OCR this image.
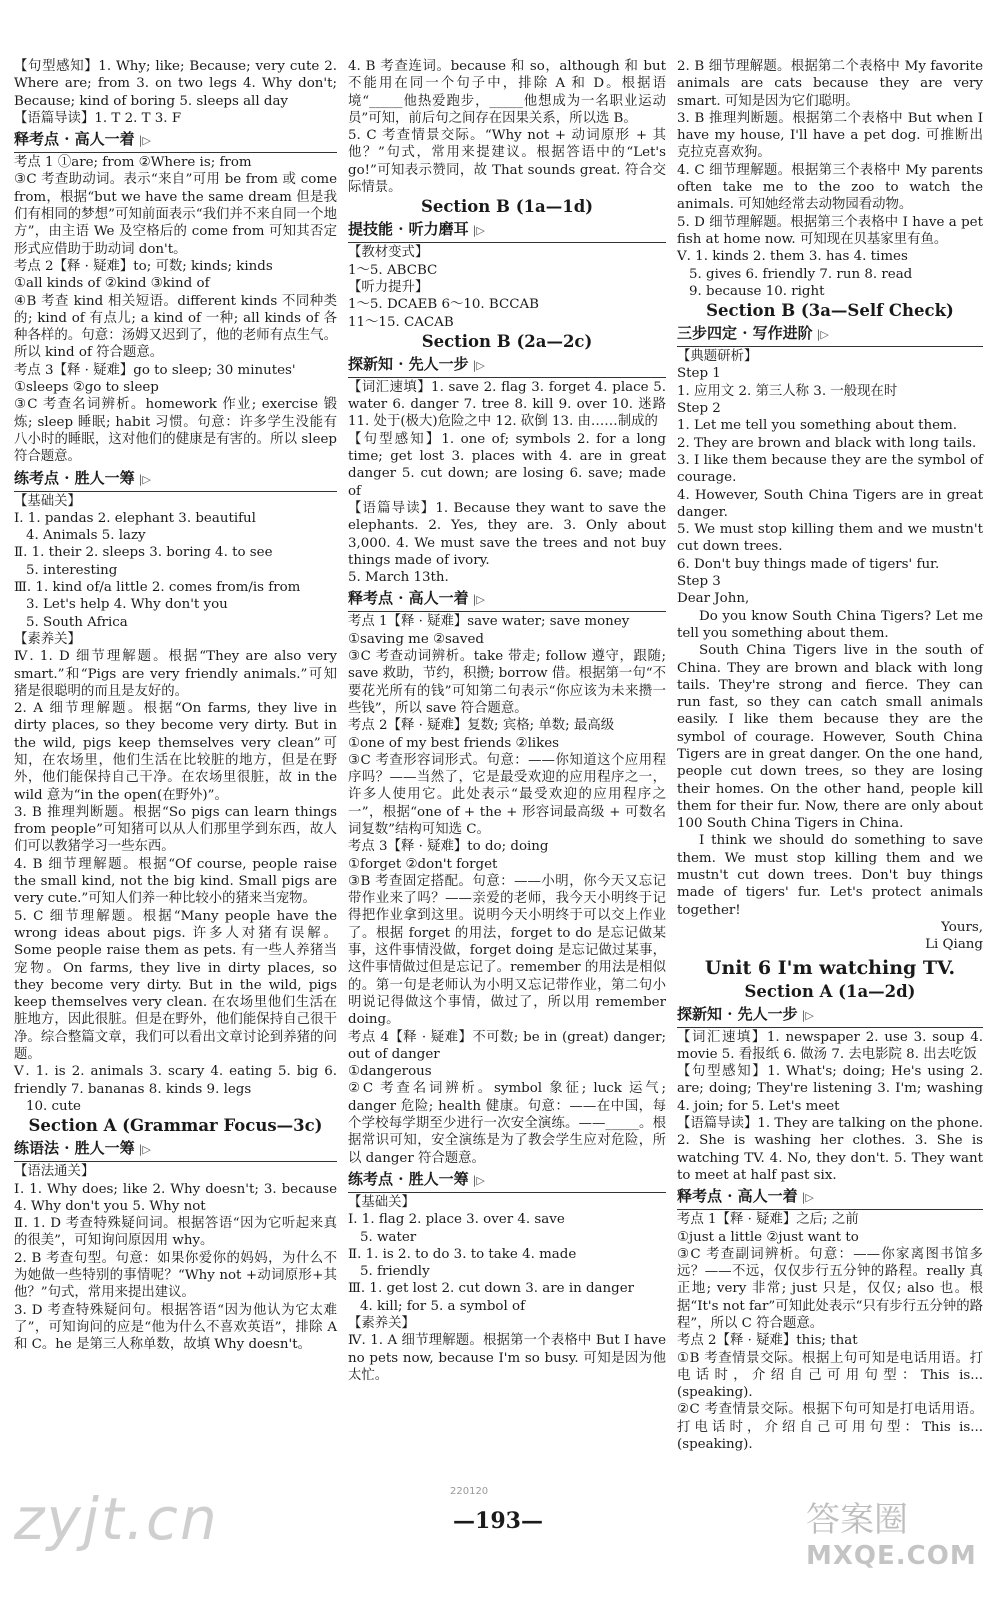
【句型感知】1. Why; like; Because; very cute 2. Where are; from 3. on two legs 4. Why don't; Because; kind of boring 5. sleeps all day

【语篇导读】1. T 2. T 3. F

释考点 · 高人一着 |▷

考点 1 ①are; from ②Where is; from

③C 考查助动词。表示“来自”可用 be from 或 come from，根据“but we have the same dream 但是我们有相同的梦想”可知前面表示“我们并不来自同一个地方”，由主语 We 及空格后的 come from 可知其否定形式应借助于助动词 don't。

考点 2【释 · 疑难】to; 可数; kinds; kinds

①all kinds of ②kind ③kind of

④B 考查 kind 相关短语。different kinds 不同种类的; kind of 有点儿; a kind of 一种; all kinds of 各种各样的。句意：汤姆又迟到了，他的老师有点生气。所以 kind of 符合题意。

考点 3【释 · 疑难】go to sleep; 30 minutes'

①sleeps ②go to sleep

③C 考查名词辨析。homework 作业; exercise 锻炼; sleep 睡眠; habit 习惯。句意：许多学生没能有八小时的睡眠，这对他们的健康是有害的。所以 sleep 符合题意。

练考点 · 胜人一筹 |▷

【基础关】

Ⅰ. 1. pandas 2. elephant 3. beautiful

4. Animals 5. lazy

Ⅱ. 1. their 2. sleeps 3. boring 4. to see

5. interesting

Ⅲ. 1. kind of/a little 2. comes from/is from

3. Let's help 4. Why don't you

5. South Africa

【素养关】

Ⅳ. 1. D 细节理解题。根据“They are also very smart.”和“Pigs are very friendly animals.”可知猪是很聪明的而且是友好的。

2. A 细节理解题。根据“On farms, they live in dirty places, so they become very dirty. But in the wild, pigs keep themselves very clean”可知，在农场里，他们生活在比较脏的地方，但是在野外，他们能保持自己干净。在农场里很脏，故 in the wild 意为“in the open(在野外)”。

3. B 推理判断题。根据“So pigs can learn things from people”可知猪可以从人们那里学到东西，故人们可以教猪学习一些东西。

4. B 细节理解题。根据“Of course, people raise the small kind, not the big kind. Small pigs are very cute.”可知人们养一种比较小的猪来当宠物。

5. C 细节理解题。根据“Many people have the wrong ideas about pigs. 许多人对猪有误解。Some people raise them as pets. 有一些人养猪当宠物。On farms, they live in dirty places, so they become very dirty. But in the wild, pigs keep themselves very clean. 在农场里他们生活在脏地方，因此很脏。但是在野外，他们能保持自己很干净。综合整篇文章，我们可以看出文章讨论到养猪的问题。

Ⅴ. 1. is 2. animals 3. scary 4. eating 5. big 6. friendly 7. bananas 8. kinds 9. legs

10. cute

Section A (Grammar Focus—3c)
练语法 · 胜人一筹 |▷

【语法通关】

Ⅰ. 1. Why does; like 2. Why doesn't; 3. because 4. Why don't you 5. Why not

Ⅱ. 1. D 考查特殊疑问词。根据答语“因为它听起来真的很美”，可知询问原因用 why。

2. B 考查句型。句意：如果你爱你的妈妈，为什么不为她做一些特别的事情呢？“Why not +动词原形+其他？”句式，常用来提出建议。

3. D 考查特殊疑问句。根据答语“因为他认为它太难了”，可知询问的应是“他为什么不喜欢英语”，排除 A 和 C。he 是第三人称单数，故填 Why doesn't。

4. B 考查连词。because 和 so，although 和 but 不能用在同一个句子中，排除 A 和 D。根据语境“_____他热爱跑步，_____他想成为一名职业运动员”可知，前后句之间存在因果关系，所以选 B。

5. C 考查情景交际。“Why not + 动词原形 + 其他？”句式，常用来提建议。根据答语中的“Let's go!”可知表示赞同，故 That sounds great. 符合交际情景。

Section B (1a—1d)
提技能 · 听力磨耳 |▷

【教材变式】

1～5. ABCBC

【听力提升】

1～5. DCAEB 6～10. BCCAB

11～15. CACAB

Section B (2a—2c)
探新知 · 先人一步 |▷

【词汇速填】1. save 2. flag 3. forget 4. place 5. water 6. danger 7. tree 8. kill 9. over 10. 迷路 11. 处于(极大)危险之中 12. 砍倒 13. 由……制成的

【句型感知】1. one of; symbols 2. for a long time; get lost 3. places with 4. are in great danger 5. cut down; are losing 6. save; made of

【语篇导读】1. Because they want to save the elephants. 2. Yes, they are. 3. Only about 3,000. 4. We must save the trees and not buy things made of ivory.

5. March 13th.

释考点 · 高人一着 |▷

考点 1【释 · 疑难】save water; save money

①saving me ②saved

③C 考查动词辨析。take 带走; follow 遵守，跟随; save 救助，节约，积攒; borrow 借。根据第一句“不要花光所有的钱”可知第二句表示“你应该为未来攒一些钱”，所以 save 符合题意。

考点 2【释 · 疑难】复数; 宾格; 单数; 最高级

①one of my best friends ②likes

③C 考查形容词形式。句意：——你知道这个应用程序吗？——当然了，它是最受欢迎的应用程序之一，许多人使用它。此处表示“最受欢迎的应用程序之一”，根据“one of + the + 形容词最高级 + 可数名词复数”结构可知选 C。

考点 3【释 · 疑难】to do; doing

①forget ②don't forget

③B 考查固定搭配。句意：——小明，你今天又忘记带作业来了吗？——亲爱的老师，我今天小明终于记得把作业拿到这里。说明今天小明终于可以交上作业了。根据 forget 的用法，forget to do 是忘记做某事，这件事情没做，forget doing 是忘记做过某事，这件事情做过但是忘记了。remember 的用法是相似的。第一句是老师认为小明又忘记带作业，第二句小明说记得做这个事情，做过了，所以用 remember doing。

考点 4【释 · 疑难】不可数; be in (great) danger; out of danger

①dangerous

②C 考查名词辨析。symbol 象征; luck 运气; danger 危险; health 健康。句意：——在中国，每个学校每学期至少进行一次安全演练。——_____。根据常识可知，安全演练是为了教会学生应对危险，所以 danger 符合题意。

练考点 · 胜人一筹 |▷

【基础关】

Ⅰ. 1. flag 2. place 3. over 4. save

5. water

Ⅱ. 1. is 2. to do 3. to take 4. made

5. friendly

Ⅲ. 1. get lost 2. cut down 3. are in danger

4. kill; for 5. a symbol of

【素养关】

Ⅳ. 1. A 细节理解题。根据第一个表格中 But I have no pets now, because I'm so busy. 可知是因为他太忙。

2. B 细节理解题。根据第二个表格中 My favorite animals are cats because they are very smart. 可知是因为它们聪明。

3. B 推理判断题。根据第二个表格中 But when I have my house, I'll have a pet dog. 可推断出克拉克喜欢狗。

4. C 细节理解题。根据第三个表格中 My parents often take me to the zoo to watch the animals. 可知她经常去动物园看动物。

5. D 细节理解题。根据第三个表格中 I have a pet fish at home now. 可知现在贝基家里有鱼。

Ⅴ. 1. kinds 2. them 3. has 4. times

5. gives 6. friendly 7. run 8. read

9. because 10. right

Section B (3a—Self Check)
三步四定 · 写作进阶 |▷

【典题研析】

Step 1

1. 应用文 2. 第三人称 3. 一般现在时

Step 2

1. Let me tell you something about them.

2. They are brown and black with long tails.

3. I like them because they are the symbol of courage.

4. However, South China Tigers are in great danger.

5. We must stop killing them and we mustn't cut down trees.

6. Don't buy things made of tigers' fur.

Step 3

Dear John,

Do you know South China Tigers? Let me tell you something about them.

South China Tigers live in the south of China. They are brown and black with long tails. They're strong and fierce. They can run fast, so they can catch small animals easily. I like them because they are the symbol of courage. However, South China Tigers are in great danger. On the one hand, people cut down trees, so they are losing their homes. On the other hand, people kill them for their fur. Now, there are only about 100 South China Tigers in China.

I think we should do something to save them. We must stop killing them and we mustn't cut down trees. Don't buy things made of tigers' fur. Let's protect animals together!

Yours,

Li Qiang

Unit 6 I'm watching TV.
Section A (1a—2d)
探新知 · 先人一步 |▷

【词汇速填】1. newspaper 2. use 3. soup 4. movie 5. 看报纸 6. 做汤 7. 去电影院 8. 出去吃饭

【句型感知】1. What's; doing; He's using 2. are; doing; They're listening 3. I'm; washing 4. join; for 5. Let's meet

【语篇导读】1. They are talking on the phone. 2. She is washing her clothes. 3. She is watching TV. 4. No, they don't. 5. They want to meet at half past six.

释考点 · 高人一着 |▷

考点 1【释 · 疑难】之后; 之前

①just a little ②just want to

③C 考查副词辨析。句意：——你家离图书馆多远？——不远，仅仅步行五分钟的路程。really 真正地; very 非常; just 只是，仅仅; also 也。根据“It's not far”可知此处表示“只有步行五分钟的路程”，所以 C 符合题意。

考点 2【释 · 疑难】this; that

①B 考查情景交际。根据上句可知是电话用语。打电话时，介绍自己可用句型：This is...(speaking).

②C 考查情景交际。根据下句可知是打电话用语。打电话时，介绍自己可用句型：This is...(speaking).

zyjt.cn	220120
—193—	答案圈
MXQE.COM
